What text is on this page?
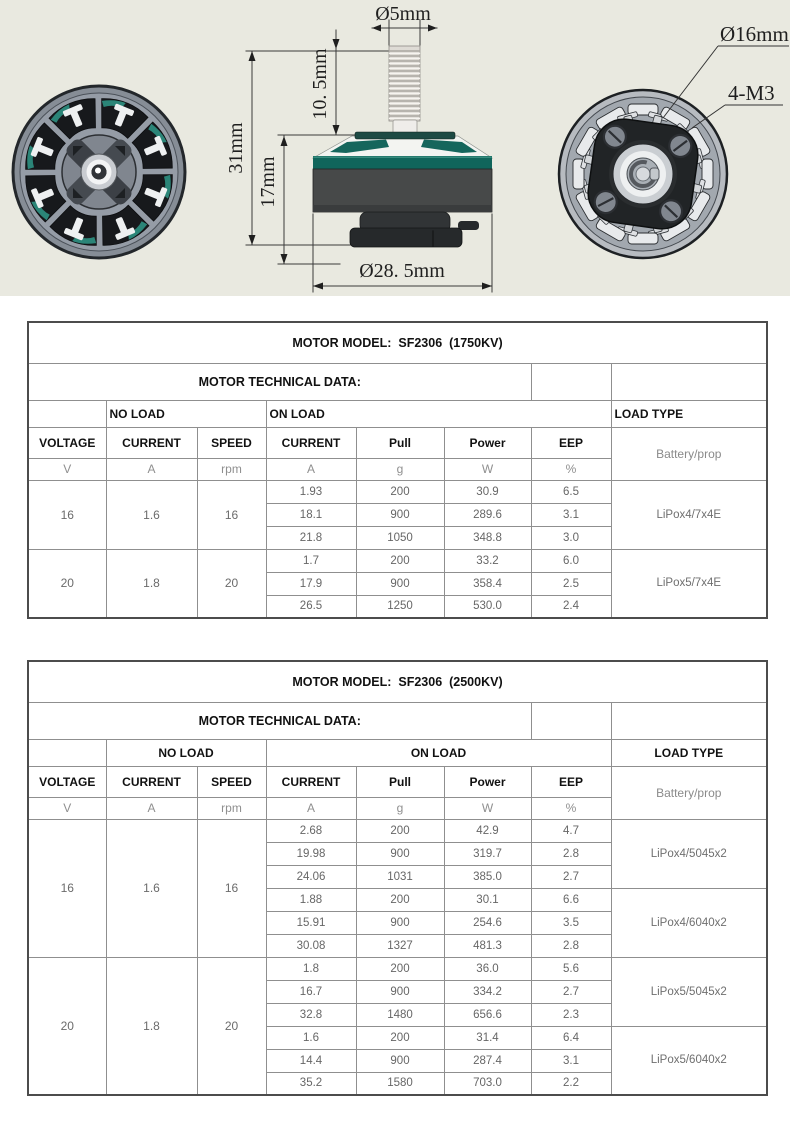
Ø5mm
10. 5mm
31mm
17mm
Ø28. 5mm
Ø16mm
4-M3
MOTOR MODEL:  SF2306  (1750KV)							
MOTOR TECHNICAL DATA:							
	NO LOAD		ON LOAD				LOAD TYPE
VOLTAGE	CURRENT	SPEED	CURRENT	Pull	Power	EEP	Battery/prop
V	A	rpm	A	g	W	%	
16	1.6	16	1.93	200	30.9	6.5	LiPox4/7x4E
			18.1	900	289.6	3.1	
			21.8	1050	348.8	3.0	
20	1.8	20	1.7	200	33.2	6.0	LiPox5/7x4E
			17.9	900	358.4	2.5	
			26.5	1250	530.0	2.4	
MOTOR MODEL:  SF2306  (2500KV)							
MOTOR TECHNICAL DATA:							
	NO LOAD		ON LOAD				LOAD TYPE
VOLTAGE	CURRENT	SPEED	CURRENT	Pull	Power	EEP	Battery/prop
V	A	rpm	A	g	W	%	
16	1.6	16	2.68	200	42.9	4.7	LiPox4/5045x2
			19.98	900	319.7	2.8	
			24.06	1031	385.0	2.7	
			1.88	200	30.1	6.6	LiPox4/6040x2
			15.91	900	254.6	3.5	
			30.08	1327	481.3	2.8	
20	1.8	20	1.8	200	36.0	5.6	LiPox5/5045x2
			16.7	900	334.2	2.7	
			32.8	1480	656.6	2.3	
			1.6	200	31.4	6.4	LiPox5/6040x2
			14.4	900	287.4	3.1	
			35.2	1580	703.0	2.2	
